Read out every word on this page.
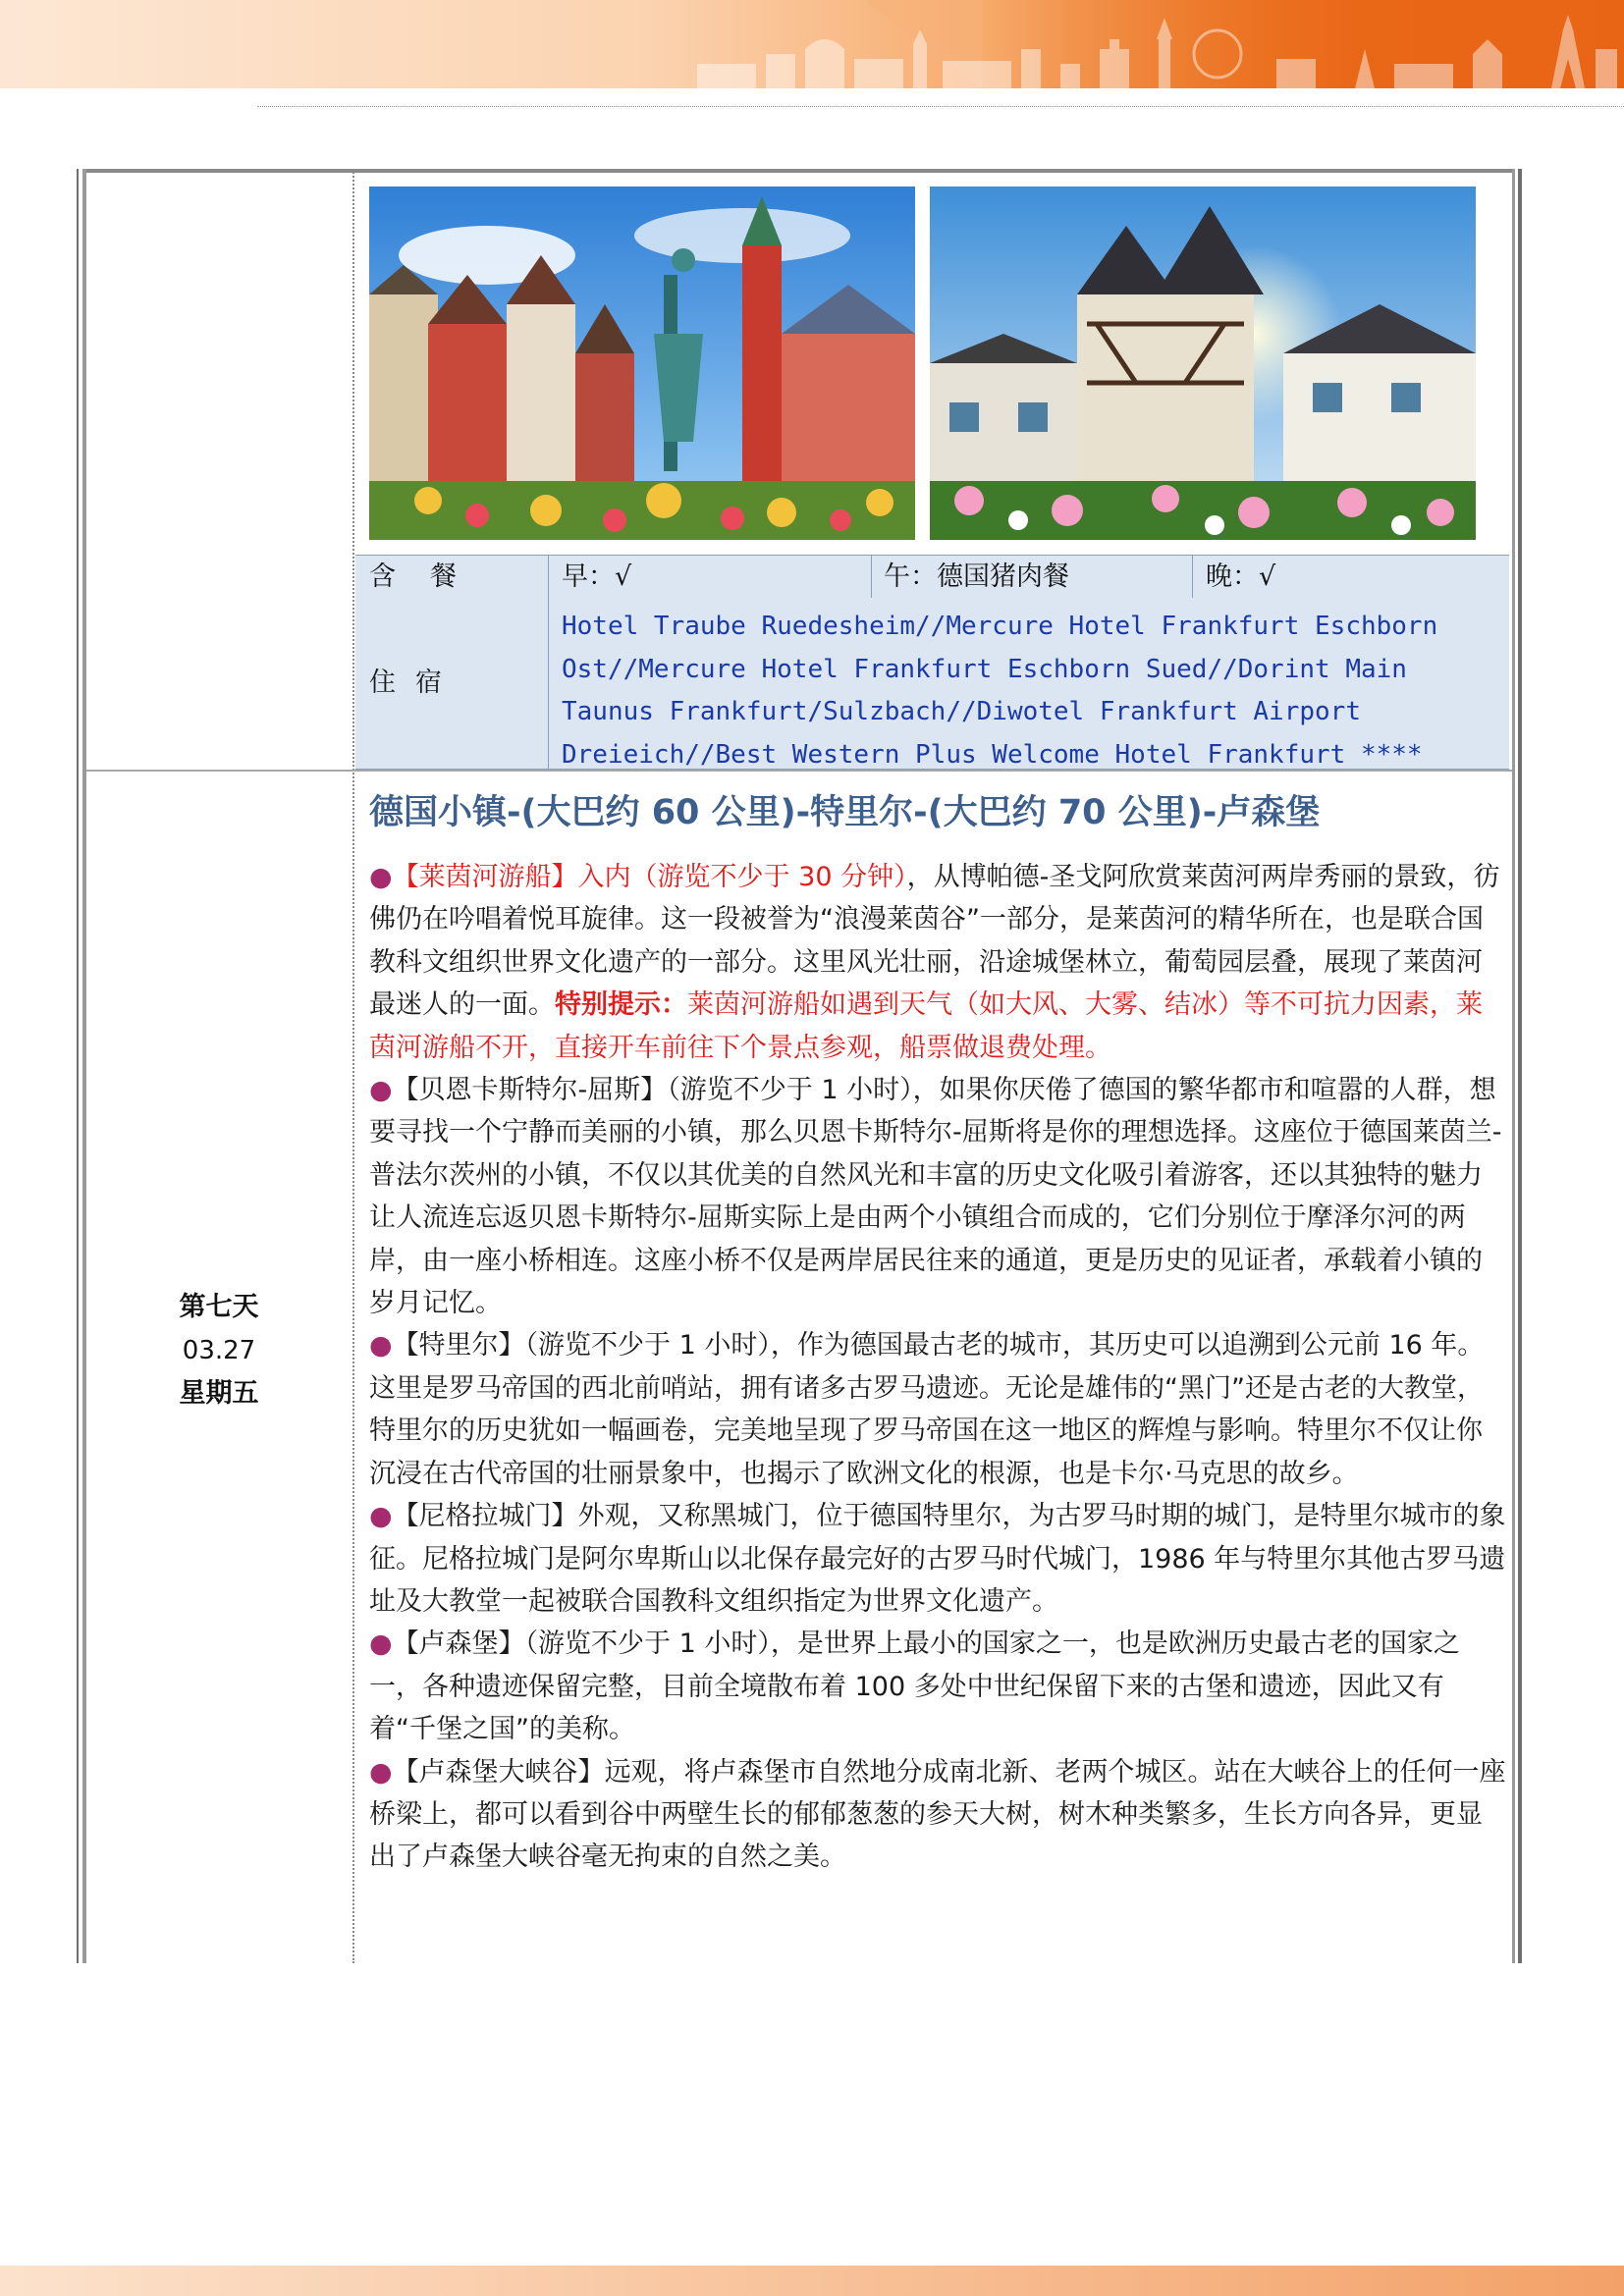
含　餐	早：√	午：德国猪肉餐	晚：√
住宿
Hotel Traube Ruedesheim//Mercure Hotel Frankfurt Eschborn Ost//Mercure Hotel Frankfurt Eschborn Sued//Dorint Main Taunus Frankfurt/Sulzbach//Diwotel Frankfurt Airport Dreieich//Best Western Plus Welcome Hotel Frankfurt ****
第七天
03.27
星期五
德国小镇-(大巴约 60 公里)-特里尔-(大巴约 70 公里)-卢森堡

●【莱茵河游船】入内（游览不少于 30 分钟），从博帕德-圣戈阿欣赏莱茵河两岸秀丽的景致，彷佛仍在吟唱着悦耳旋律。这一段被誉为“浪漫莱茵谷”一部分，是莱茵河的精华所在，也是联合国教科文组织世界文化遗产的一部分。这里风光壮丽，沿途城堡林立，葡萄园层叠，展现了莱茵河最迷人的一面。特别提示：莱茵河游船如遇到天气（如大风、大雾、结冰）等不可抗力因素，莱茵河游船不开，直接开车前往下个景点参观，船票做退费处理。

●【贝恩卡斯特尔-屈斯】（游览不少于 1 小时），如果你厌倦了德国的繁华都市和喧嚣的人群，想要寻找一个宁静而美丽的小镇，那么贝恩卡斯特尔-屈斯将是你的理想选择。这座位于德国莱茵兰-普法尔茨州的小镇，不仅以其优美的自然风光和丰富的历史文化吸引着游客，还以其独特的魅力让人流连忘返贝恩卡斯特尔-屈斯实际上是由两个小镇组合而成的，它们分别位于摩泽尔河的两岸，由一座小桥相连。这座小桥不仅是两岸居民往来的通道，更是历史的见证者，承载着小镇的岁月记忆。

●【特里尔】（游览不少于 1 小时），作为德国最古老的城市，其历史可以追溯到公元前 16 年。这里是罗马帝国的西北前哨站，拥有诸多古罗马遗迹。无论是雄伟的“黑门”还是古老的大教堂，特里尔的历史犹如一幅画卷，完美地呈现了罗马帝国在这一地区的辉煌与影响。特里尔不仅让你沉浸在古代帝国的壮丽景象中，也揭示了欧洲文化的根源，也是卡尔·马克思的故乡。

●【尼格拉城门】外观，又称黑城门，位于德国特里尔，为古罗马时期的城门，是特里尔城市的象征。尼格拉城门是阿尔卑斯山以北保存最完好的古罗马时代城门，1986 年与特里尔其他古罗马遗址及大教堂一起被联合国教科文组织指定为世界文化遗产。

●【卢森堡】（游览不少于 1 小时），是世界上最小的国家之一，也是欧洲历史最古老的国家之一，各种遗迹保留完整，目前全境散布着 100 多处中世纪保留下来的古堡和遗迹，因此又有着“千堡之国”的美称。

●【卢森堡大峡谷】远观，将卢森堡市自然地分成南北新、老两个城区。站在大峡谷上的任何一座桥梁上，都可以看到谷中两壁生长的郁郁葱葱的参天大树，树木种类繁多，生长方向各异，更显出了卢森堡大峡谷毫无拘束的自然之美。
